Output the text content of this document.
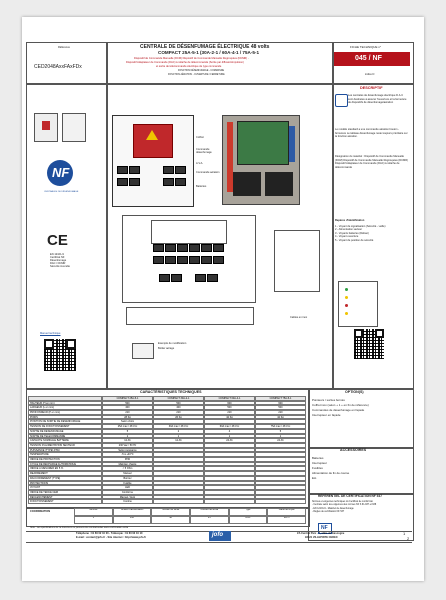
Référence
CED2048AxxFAxFDx
CENTRALE DE DÉSENFUMAGE ÉLECTRIQUE 48 volts
COMPACT 25A-5-1 (30A-2-1 / 60A-4-1 / 75A-5-1
Dispositif de Commande Manuelle (DCM) Dispositif de Commande Manuelle Regroupées (DCMR) -
Dispositif Adaptateur de Commande (DAC) à relâche de télécommande (Sortie par diffusion/impulsion)
et sortie de télécommande électrique de type commande
FONCTION DÉSENFUMAGE - COMMANDE
FONCTION AÉRATION - OUVERTURE / FERMETURE
FICHE TECHNIQUE n°
045 / NF
indice D
NF
CENTRALES DE DÉSENFUMAGE
CE
EN 12101-9
Certificat NF
Désenfumage
DAC / DCMR
Sécurité incendie
Manuel technique
Coffret
Commande désenfumage
A.V.A.
Commande aération
Batteries
Cables en inox
Exemple de modification
Boitier aérage
DESCRIPTIF
Les centrales de désenfumage électrique D.A.C sont destinées à assurer l'ouverture et la fermeture de dispositifs de désenfumage/aération
Le modèle standard a une commande aération bouton - fermeture Le tableau désenfumage reste toujours prioritaire sur la fonction aération.
Désignation du matériel : Dispositif de Commande Manuelle (DCM) Dispositif de Commande Manuelle Regroupées (DCMR) Dispositif Adaptateur de Commande (DAC) à relâche de télécommande
Repères d'identification
1 - Voyant de signalisation (Sécurité - veille)
2 - Alimentation secteur
3 - Voyants batteries (Défaut)
4 - Voyant ouverture
5 - Voyant de position de sécurité
CARACTÉRISTIQUES TECHNIQUES
COMPACT 25A-5-1	COMPACT 30A-2-1	COMPACT 60A-4-1	COMPACT 75A-5-1
HAUTEUR (H en mm)	500	500	600	600
LARGEUR (L en mm)	400	400	500	500
PROFONDEUR (P en mm)	210	210	210	210
POIDS	28 Kg	26 Kg	42 Kg	42 Kg
POSITION DE SORTIE DE DÉSENFUMAGE	Selon choix
TENSION DE FONCTIONNEMENT	25A max / 48 Vcc	30A max / 48 Vcc	60A max / 48 Vcc	75A max / 48 Vcc
SORTIE DE DÉSENFUMAGE	5	2	4	5
SORTIE DE TÉLÉCOMMANDE	1	1	1	1
CAPACITÉ NOMINALE BATTERIE	12 Ah	12 Ah	24 Ah	24 Ah
TENSION D'ALIMENTATION SECTEUR	230 Vac / 50 Hz
PUISSANCE (TYPE) P(W)	Selon puissance
TEMPÉRATURE	-5 à +40°C
INDICE DE PROTECTION	IP30
CYCLE DE RECHARGE AUTOMATIQUE	Maintien chargé
INDICE À MESURER EN 5 %	< 5 Ohm
RÉARMEMENT	Manuel
RACCORDEMENT (TYPE)	Bornier
PROTECTIONS	Fusible
VOYANT	LED
INDICE DE TENUE CEM	Conforme
DÉCLENCHEMENT	Manuel / Auto
FONCTIONNEMENT	Continu
COORDINATION	Nombre	Tension d'alimentation	Tension de sortie	Courant de sortie	Type	Câble de la pile
1	230	48	25	DAC	2x1.5
OPTION(S)
Pointeurs / sorties bornés
Coffret inox (selon + 1 + en fin de référence)
Commandes de désenfumage en façade
Interrupteur en façade
ACCESSOIRES
Batteries
Interrupteur
Fusibles
Alimentation de fin de course
Etc.
RÉFÉRENTIEL DE CERTIFICATION NF 537
Normes et exigences techniques du Certificat de conformité
- Centrale selon les exigences des normes NF S 61-937 et 938
- EN 12101-9 - Matériel de désenfumage
- Règles de certification NF 537
NF
Note : Les spécifications de ce document ne peuvent être contractuelles sans confirmation écrite
Téléphone : 01 60 02 10 00 - Télécopie : 01 60 02 10 10
E-mail : contact@jofo.fr - Site internet : http://www.jofo.fr	jofo	ZA Central Parc - 7, allée de Gascogne
93421 VILLEPINTE CEDEX
1
2
